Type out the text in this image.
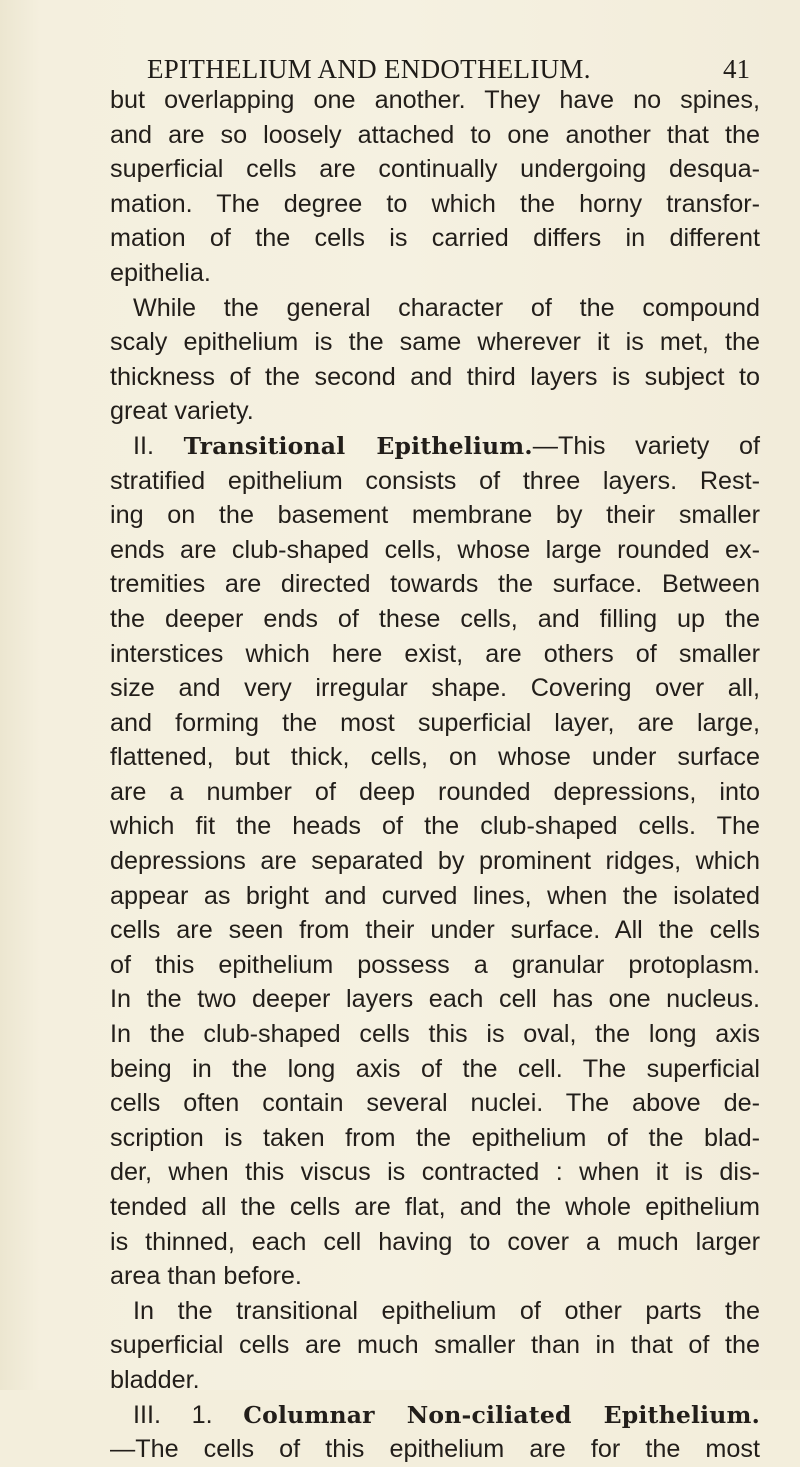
EPITHELIUM AND ENDOTHELIUM.	41
but overlapping one another. They have no spines,
and are so loosely attached to one another that the
superficial cells are continually undergoing desqua-
mation. The degree to which the horny transfor-
mation of the cells is carried differs in different
epithelia.
While the general character of the compound
scaly epithelium is the same wherever it is met, the
thickness of the second and third layers is subject to
great variety.
II. Transitional Epithelium.—This variety of
stratified epithelium consists of three layers. Rest-
ing on the basement membrane by their smaller
ends are club-shaped cells, whose large rounded ex-
tremities are directed towards the surface. Between
the deeper ends of these cells, and filling up the
interstices which here exist, are others of smaller
size and very irregular shape. Covering over all,
and forming the most superficial layer, are large,
flattened, but thick, cells, on whose under surface
are a number of deep rounded depressions, into
which fit the heads of the club-shaped cells. The
depressions are separated by prominent ridges, which
appear as bright and curved lines, when the isolated
cells are seen from their under surface. All the cells
of this epithelium possess a granular protoplasm.
In the two deeper layers each cell has one nucleus.
In the club-shaped cells this is oval, the long axis
being in the long axis of the cell. The superficial
cells often contain several nuclei. The above de-
scription is taken from the epithelium of the blad-
der, when this viscus is contracted : when it is dis-
tended all the cells are flat, and the whole epithelium
is thinned, each cell having to cover a much larger
area than before.
In the transitional epithelium of other parts the
superficial cells are much smaller than in that of the
bladder.
III. 1. Columnar Non-ciliated Epithelium.
—The cells of this epithelium are for the most
